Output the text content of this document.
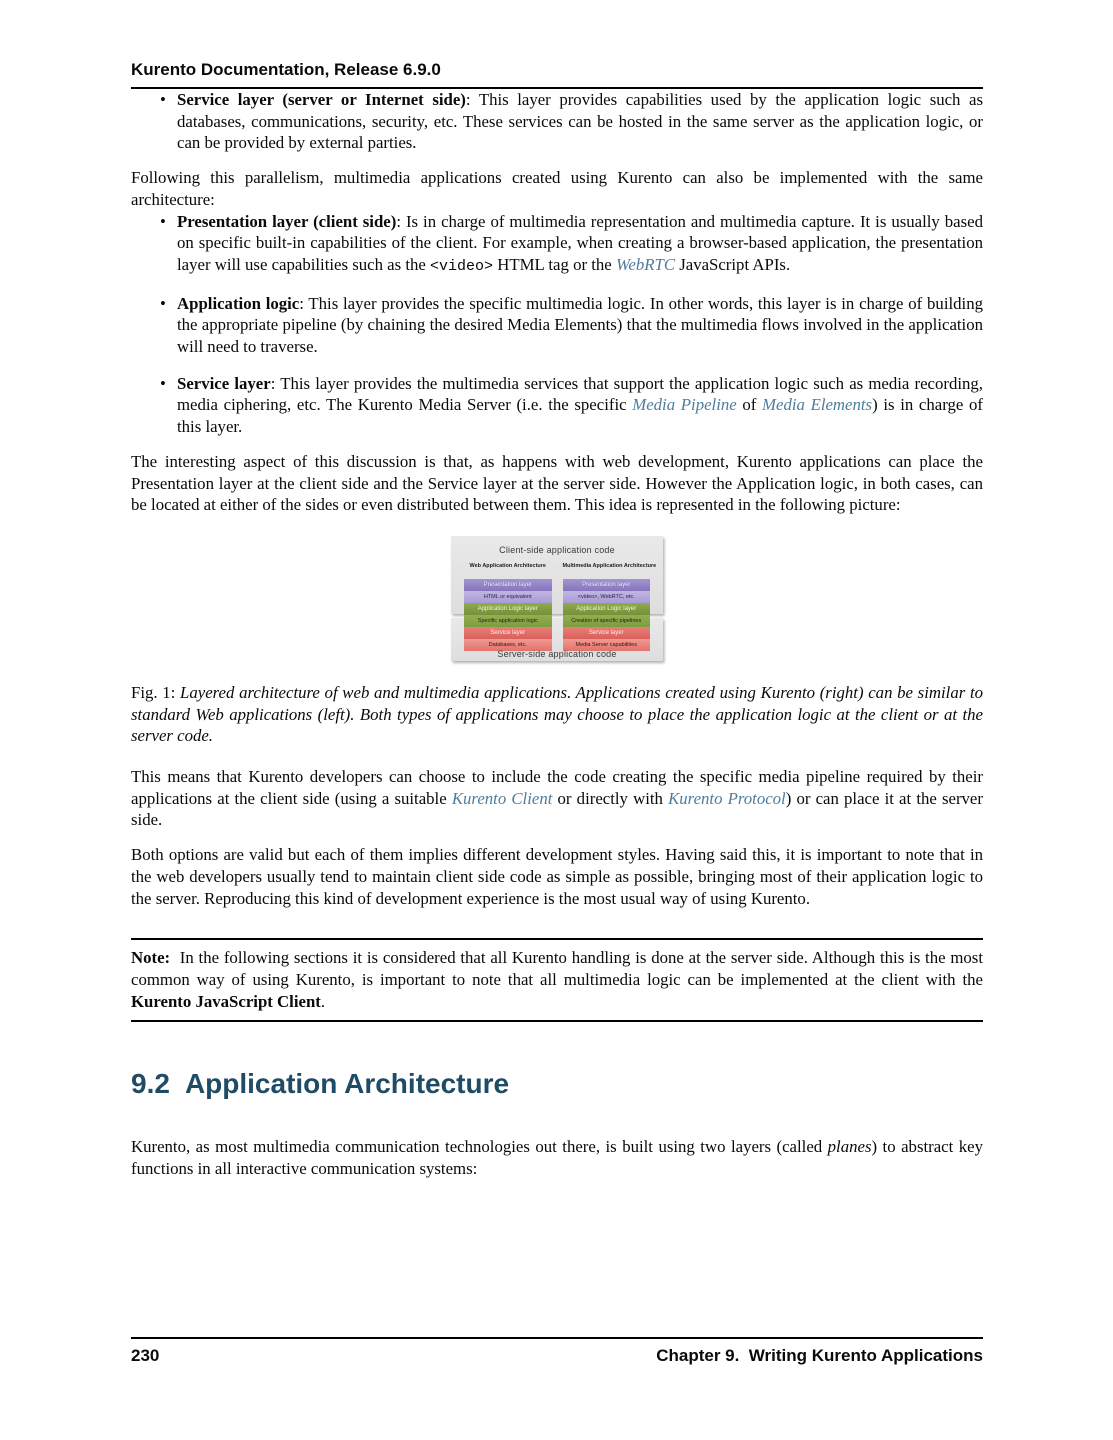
Kurento Documentation, Release 6.9.0
• Service layer (server or Internet side): This layer provides capabilities used by the application logic such as databases, communications, security, etc. These services can be hosted in the same server as the application logic, or can be provided by external parties.

Following this parallelism, multimedia applications created using Kurento can also be implemented with the same architecture:

• Presentation layer (client side): Is in charge of multimedia representation and multimedia capture. It is usually based on specific built-in capabilities of the client. For example, when creating a browser-based application, the presentation layer will use capabilities such as the <video> HTML tag or the WebRTC JavaScript APIs.
• Application logic: This layer provides the specific multimedia logic. In other words, this layer is in charge of building the appropriate pipeline (by chaining the desired Media Elements) that the multimedia flows involved in the application will need to traverse.
• Service layer: This layer provides the multimedia services that support the application logic such as media recording, media ciphering, etc. The Kurento Media Server (i.e. the specific Media Pipeline of Media Elements) is in charge of this layer.

The interesting aspect of this discussion is that, as happens with web development, Kurento applications can place the Presentation layer at the client side and the Service layer at the server side. However the Application logic, in both cases, can be located at either of the sides or even distributed between them. This idea is represented in the following picture:

Client-side application code
Web Application Architecture
Presentation layer
HTML or equivalent
Application Logic layer
Specific application logic
Service layer
Databases, etc.
Multimedia Application Architecture
Presentation layer
<video>, WebRTC, etc.
Application Logic layer
Creation of specific pipelines
Service layer
Media Server capabilities
Server-side application code

Fig. 1: Layered architecture of web and multimedia applications. Applications created using Kurento (right) can be similar to standard Web applications (left). Both types of applications may choose to place the application logic at the client or at the server code.

This means that Kurento developers can choose to include the code creating the specific media pipeline required by their applications at the client side (using a suitable Kurento Client or directly with Kurento Protocol) or can place it at the server side.

Both options are valid but each of them implies different development styles. Having said this, it is important to note that in the web developers usually tend to maintain client side code as simple as possible, bringing most of their application logic to the server. Reproducing this kind of development experience is the most usual way of using Kurento.

Note:  In the following sections it is considered that all Kurento handling is done at the server side. Although this is the most common way of using Kurento, is important to note that all multimedia logic can be implemented at the client with the Kurento JavaScript Client.

9.2 Application Architecture

Kurento, as most multimedia communication technologies out there, is built using two layers (called planes) to abstract key functions in all interactive communication systems:

230	Chapter 9.  Writing Kurento Applications
